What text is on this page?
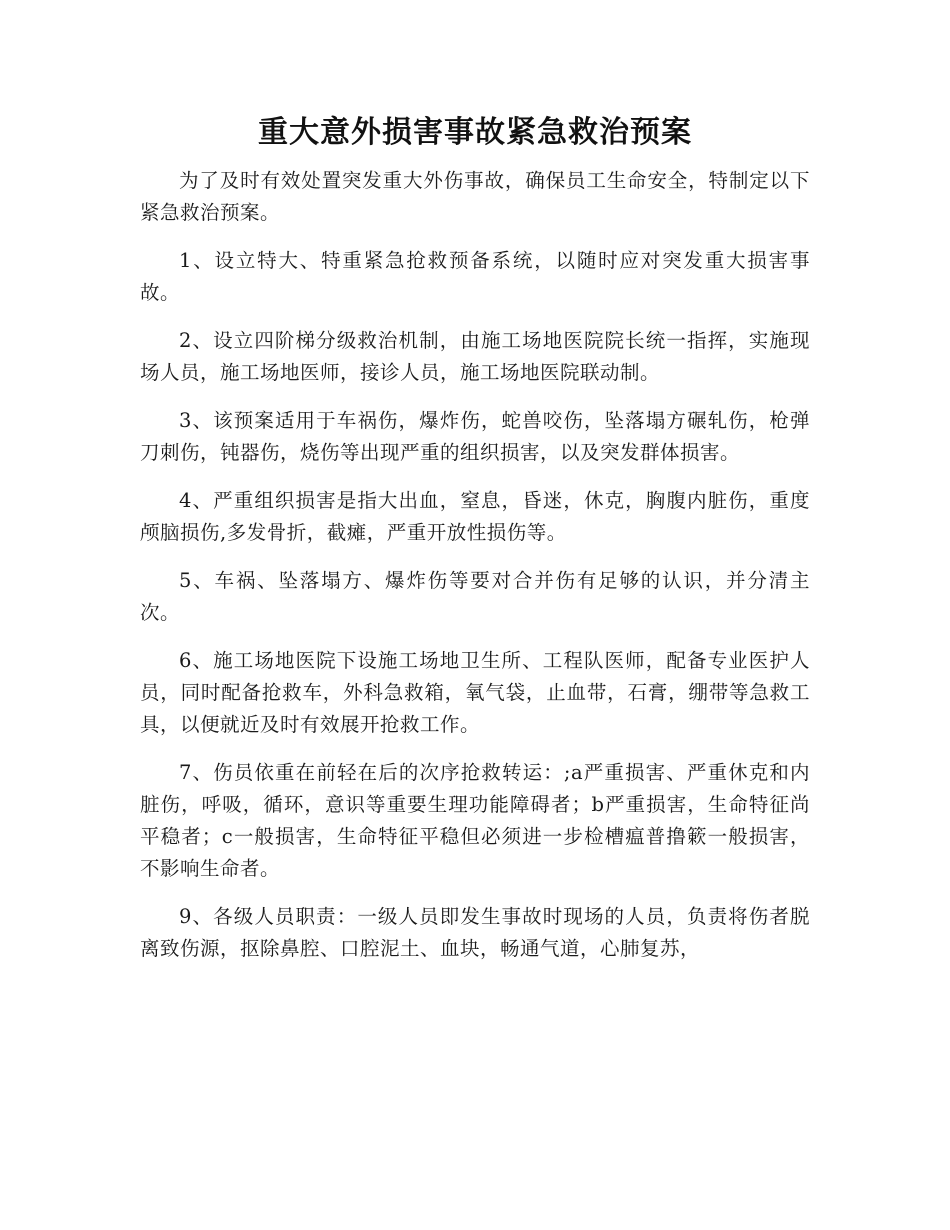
重大意外损害事故紧急救治预案

为了及时有效处置突发重大外伤事故，确保员工生命安全，特制定以下紧急救治预案。

1、设立特大、特重紧急抢救预备系统，以随时应对突发重大损害事故。

2、设立四阶梯分级救治机制，由施工场地医院院长统一指挥，实施现场人员，施工场地医师，接诊人员，施工场地医院联动制。

3、该预案适用于车祸伤，爆炸伤，蛇兽咬伤，坠落塌方碾轧伤，枪弹刀刺伤，钝器伤，烧伤等出现严重的组织损害，以及突发群体损害。

4、严重组织损害是指大出血，窒息，昏迷，休克，胸腹内脏伤，重度颅脑损伤,多发骨折，截瘫，严重开放性损伤等。

5、车祸、坠落塌方、爆炸伤等要对合并伤有足够的认识，并分清主次。

6、施工场地医院下设施工场地卫生所、工程队医师，配备专业医护人员，同时配备抢救车，外科急救箱，氧气袋，止血带，石膏，绷带等急救工具，以便就近及时有效展开抢救工作。

7、伤员依重在前轻在后的次序抢救转运：;a严重损害、严重休克和内脏伤，呼吸，循环，意识等重要生理功能障碍者；b严重损害，生命特征尚平稳者；c一般损害，生命特征平稳但必须进一步检槽瘟普撸簌一般损害，不影响生命者。

9、各级人员职责：一级人员即发生事故时现场的人员，负责将伤者脱离致伤源，抠除鼻腔、口腔泥土、血块，畅通气道，心肺复苏，
